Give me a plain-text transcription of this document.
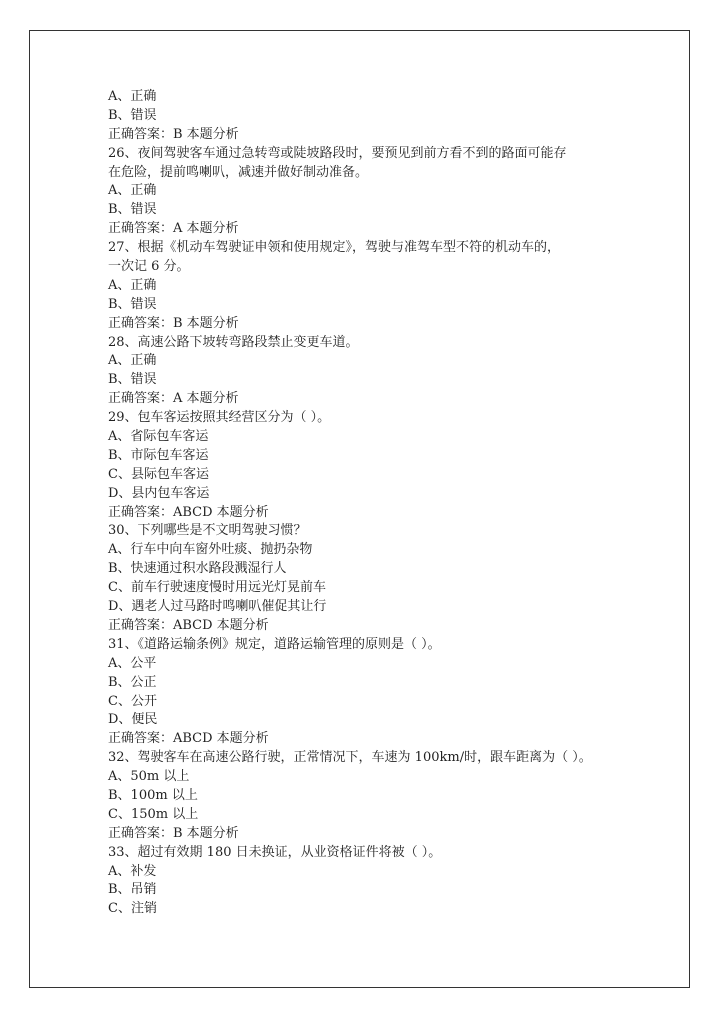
A、正确
B、错误
正确答案：B 本题分析
26、夜间驾驶客车通过急转弯或陡坡路段时，要预见到前方看不到的路面可能存
在危险，提前鸣喇叭，减速并做好制动准备。
A、正确
B、错误
正确答案：A 本题分析
27、根据《机动车驾驶证申领和使用规定》，驾驶与准驾车型不符的机动车的，
一次记 6 分。
A、正确
B、错误
正确答案：B 本题分析
28、高速公路下坡转弯路段禁止变更车道。
A、正确
B、错误
正确答案：A 本题分析
29、包车客运按照其经营区分为（ ）。
A、省际包车客运
B、市际包车客运
C、县际包车客运
D、县内包车客运
正确答案：ABCD 本题分析
30、下列哪些是不文明驾驶习惯？
A、行车中向车窗外吐痰、抛扔杂物
B、快速通过积水路段溅湿行人
C、前车行驶速度慢时用远光灯晃前车
D、遇老人过马路时鸣喇叭催促其让行
正确答案：ABCD 本题分析
31、《道路运输条例》规定，道路运输管理的原则是（ ）。
A、公平
B、公正
C、公开
D、便民
正确答案：ABCD 本题分析
32、驾驶客车在高速公路行驶，正常情况下，车速为 100km/时，跟车距离为（ ）。
A、50m 以上
B、100m 以上
C、150m 以上
正确答案：B 本题分析
33、超过有效期 180 日未换证，从业资格证件将被（ ）。
A、补发
B、吊销
C、注销
